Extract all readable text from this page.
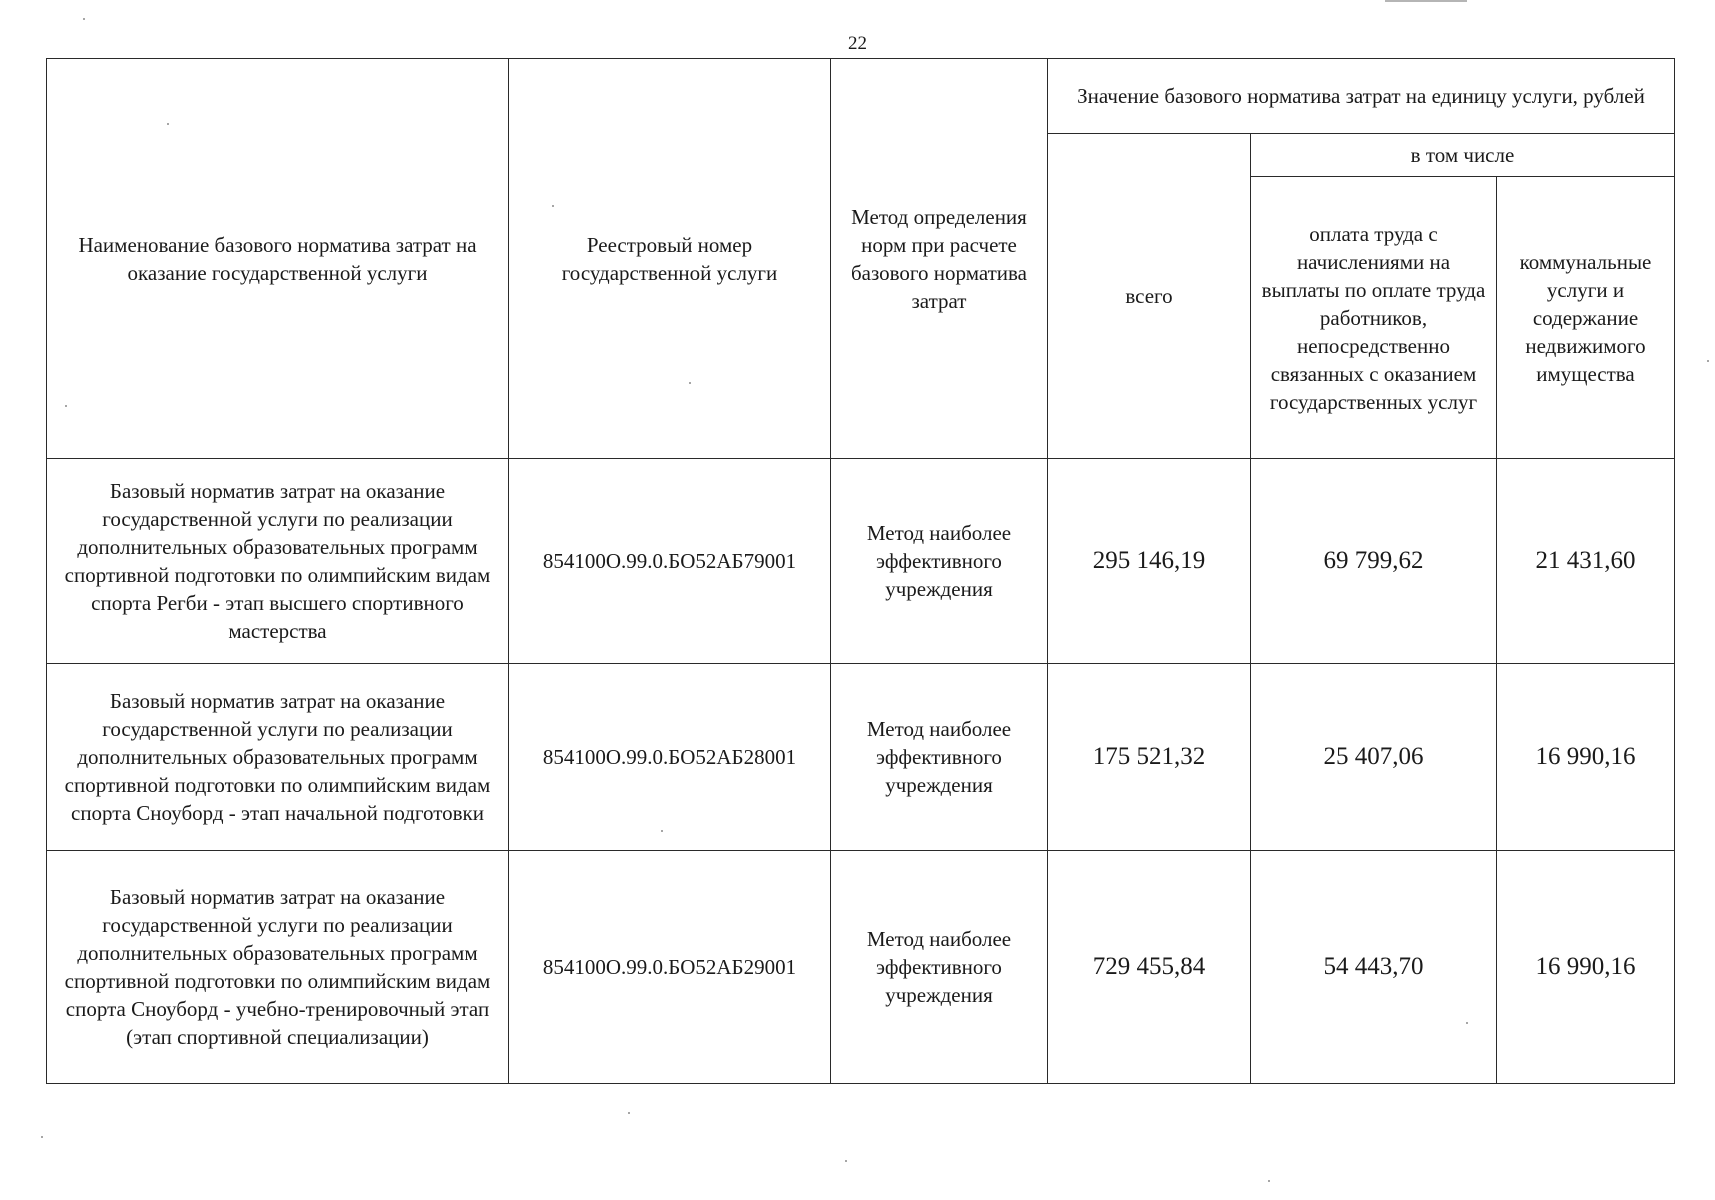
22
Наименование базового норматива затрат на оказание государственной услуги	Реестровый номер государственной услуги	Метод определения норм при расчете базового норматива затрат	Значение базового норматива затрат на единицу услуги, рублей		
			всего	в том числе	
				оплата труда с начислениями на выплаты по оплате труда работников, непосредственно связанных с оказанием государственных услуг	коммунальные услуги и содержание недвижимого имущества
Базовый норматив затрат на оказание государственной услуги по реализации дополнительных образовательных программ спортивной подготовки по олимпийским видам спорта Регби - этап высшего спортивного мастерства	854100О.99.0.БО52АБ79001	Метод наиболее эффективного учреждения	295 146,19	69 799,62	21 431,60
Базовый норматив затрат на оказание государственной услуги по реализации дополнительных образовательных программ спортивной подготовки по олимпийским видам спорта Сноуборд - этап начальной подготовки	854100О.99.0.БО52АБ28001	Метод наиболее эффективного учреждения	175 521,32	25 407,06	16 990,16
Базовый норматив затрат на оказание государственной услуги по реализации дополнительных образовательных программ спортивной подготовки по олимпийским видам спорта Сноуборд - учебно-тренировочный этап (этап спортивной специализации)	854100О.99.0.БО52АБ29001	Метод наиболее эффективного учреждения	729 455,84	54 443,70	16 990,16
